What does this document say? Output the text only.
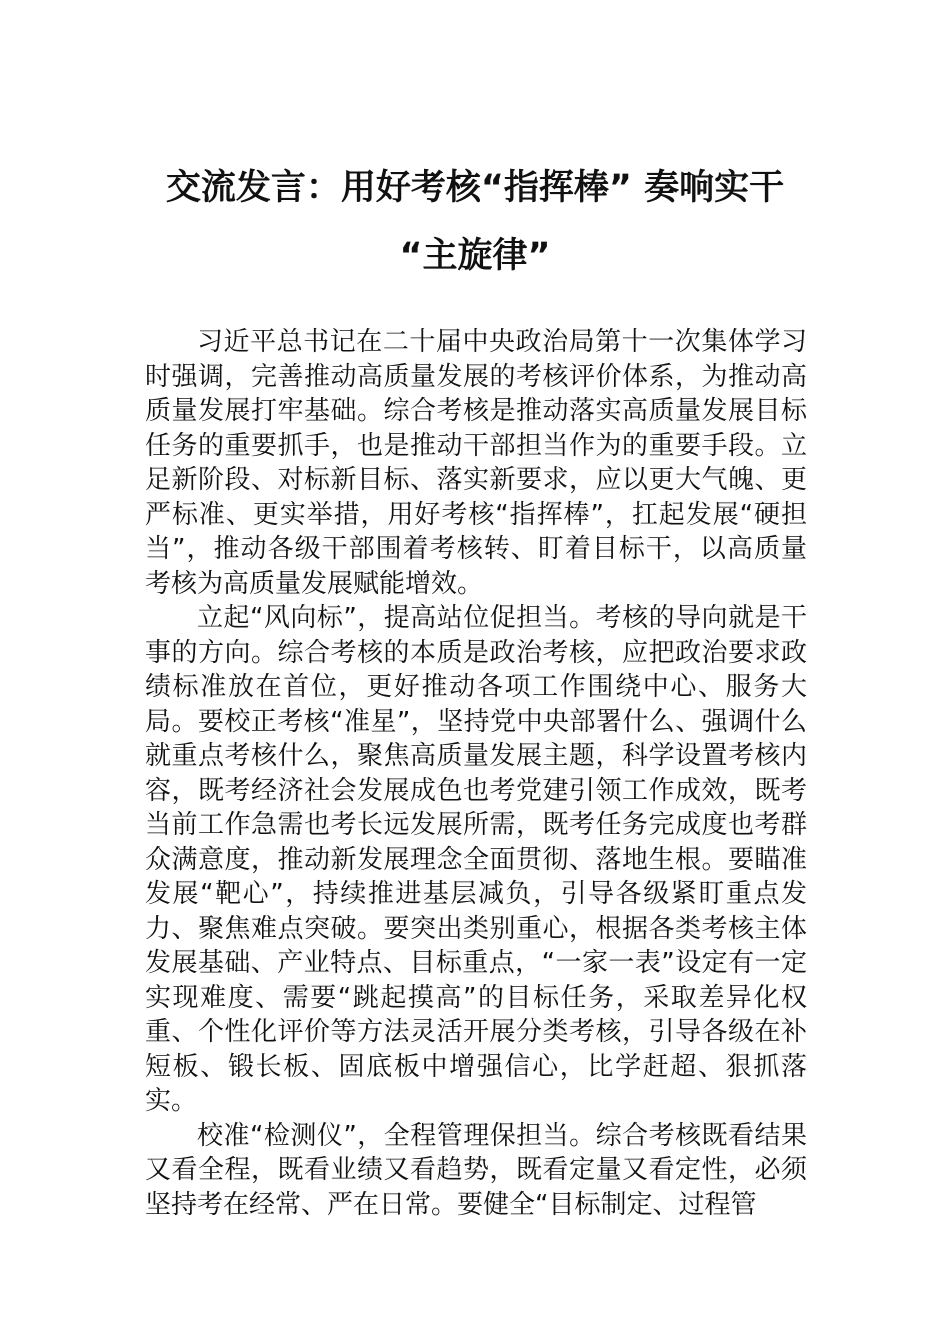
交流发言：用好考核“指挥棒” 奏响实干
“主旋律”

习近平总书记在二十届中央政治局第十一次集体学习时强调，完善推动高质量发展的考核评价体系，为推动高质量发展打牢基础。综合考核是推动落实高质量发展目标任务的重要抓手，也是推动干部担当作为的重要手段。立足新阶段、对标新目标、落实新要求，应以更大气魄、更严标准、更实举措，用好考核“指挥棒”，扛起发展“硬担当”，推动各级干部围着考核转、盯着目标干，以高质量考核为高质量发展赋能增效。

立起“风向标”，提高站位促担当。考核的导向就是干事的方向。综合考核的本质是政治考核，应把政治要求政绩标准放在首位，更好推动各项工作围绕中心、服务大局。要校正考核“准星”，坚持党中央部署什么、强调什么就重点考核什么，聚焦高质量发展主题，科学设置考核内容，既考经济社会发展成色也考党建引领工作成效，既考当前工作急需也考长远发展所需，既考任务完成度也考群众满意度，推动新发展理念全面贯彻、落地生根。要瞄准发展“靶心”，持续推进基层减负，引导各级紧盯重点发力、聚焦难点突破。要突出类别重心，根据各类考核主体发展基础、产业特点、目标重点，“一家一表”设定有一定实现难度、需要“跳起摸高”的目标任务，采取差异化权重、个性化评价等方法灵活开展分类考核，引导各级在补短板、锻长板、固底板中增强信心，比学赶超、狠抓落实。

校准“检测仪”，全程管理保担当。综合考核既看结果又看全程，既看业绩又看趋势，既看定量又看定性，必须坚持考在经常、严在日常。要健全“目标制定、过程管
